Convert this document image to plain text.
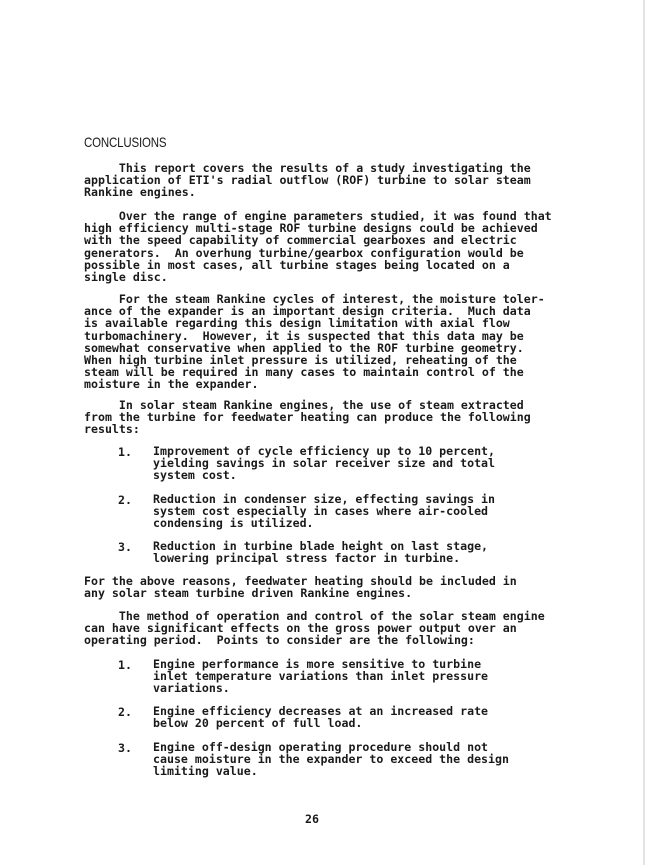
CONCLUSIONS
This report covers the results of a study investigating the
application of ETI's radial outflow (ROF) turbine to solar steam
Rankine engines.
Over the range of engine parameters studied, it was found that
high efficiency multi-stage ROF turbine designs could be achieved
with the speed capability of commercial gearboxes and electric
generators.  An overhung turbine/gearbox configuration would be
possible in most cases, all turbine stages being located on a
single disc.
For the steam Rankine cycles of interest, the moisture toler-
ance of the expander is an important design criteria.  Much data
is available regarding this design limitation with axial flow
turbomachinery.  However, it is suspected that this data may be
somewhat conservative when applied to the ROF turbine geometry.
When high turbine inlet pressure is utilized, reheating of the
steam will be required in many cases to maintain control of the
moisture in the expander.
In solar steam Rankine engines, the use of steam extracted
from the turbine for feedwater heating can produce the following
results:
1. Improvement of cycle efficiency up to 10 percent,
yielding savings in solar receiver size and total
system cost.
2. Reduction in condenser size, effecting savings in
system cost especially in cases where air-cooled
condensing is utilized.
3. Reduction in turbine blade height on last stage,
lowering principal stress factor in turbine.
For the above reasons, feedwater heating should be included in
any solar steam turbine driven Rankine engines.
The method of operation and control of the solar steam engine
can have significant effects on the gross power output over an
operating period.  Points to consider are the following:
1. Engine performance is more sensitive to turbine
inlet temperature variations than inlet pressure
variations.
2. Engine efficiency decreases at an increased rate
below 20 percent of full load.
3. Engine off-design operating procedure should not
cause moisture in the expander to exceed the design
limiting value.
26
